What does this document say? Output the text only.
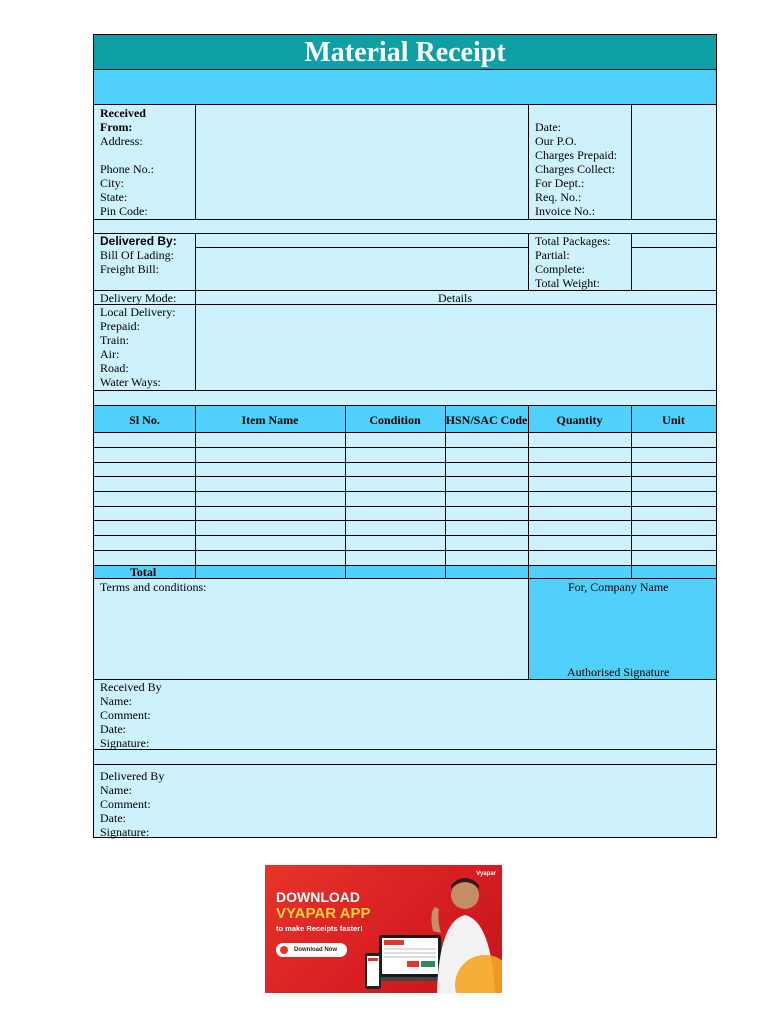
Material Receipt
Received
From:
Address:
Phone No.:
City:
State:
Pin Code:
Date:
Our P.O.
Charges Prepaid:
Charges Collect:
For Dept.:
Req. No.:
Invoice No.:
Delivered By:
Bill Of Lading:
Freight Bill:
Total Packages:
Partial:
Complete:
Total Weight:
Delivery Mode:	Details
Local Delivery:
Prepaid:
Train:
Air:
Road:
Water Ways:
Sl No.	Item Name	Condition	HSN/SAC Code	Quantity	Unit
Total
Terms and conditions:	For, Company Name
Authorised Signature
Received By
Name:
Comment:
Date:
Signature:
Delivered By
Name:
Comment:
Date:
Signature:
Vyapar
DOWNLOAD
VYAPAR APP
to make Receipts faster!
Download Now
